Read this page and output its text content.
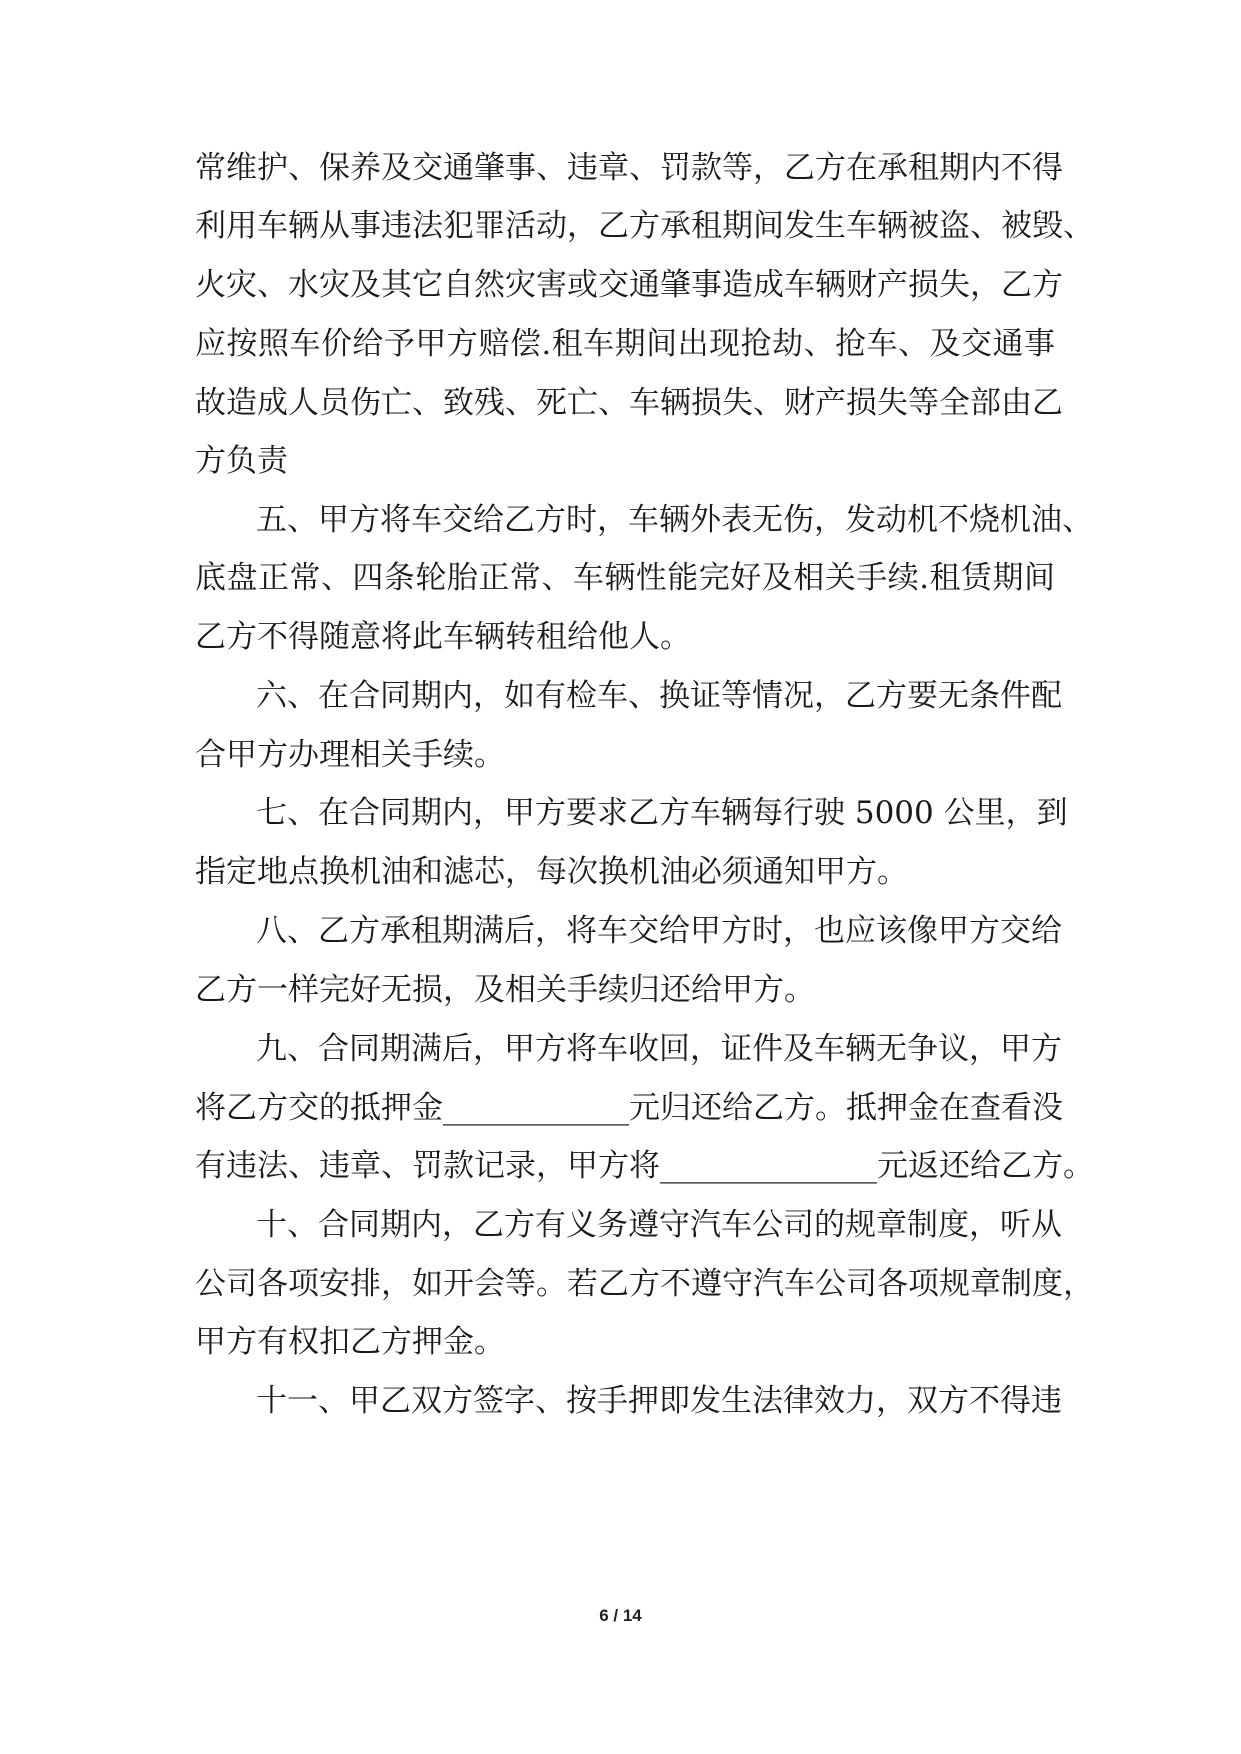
常维护、保养及交通肇事、违章、罚款等，乙方在承租期内不得
利用车辆从事违法犯罪活动，乙方承租期间发生车辆被盗、被毁、
火灾、水灾及其它自然灾害或交通肇事造成车辆财产损失，乙方
应按照车价给予甲方赔偿.租车期间出现抢劫、抢车、及交通事
故造成人员伤亡、致残、死亡、车辆损失、财产损失等全部由乙
方负责
五、甲方将车交给乙方时，车辆外表无伤，发动机不烧机油、
底盘正常、四条轮胎正常、车辆性能完好及相关手续.租赁期间
乙方不得随意将此车辆转租给他人。
六、在合同期内，如有检车、换证等情况，乙方要无条件配
合甲方办理相关手续。
七、在合同期内，甲方要求乙方车辆每行驶 5000 公里，到
指定地点换机油和滤芯，每次换机油必须通知甲方。
八、乙方承租期满后，将车交给甲方时，也应该像甲方交给
乙方一样完好无损，及相关手续归还给甲方。
九、合同期满后，甲方将车收回，证件及车辆无争议，甲方
将乙方交的抵押金____________元归还给乙方。抵押金在查看没
有违法、违章、罚款记录，甲方将______________元返还给乙方。
十、合同期内，乙方有义务遵守汽车公司的规章制度，听从
公司各项安排，如开会等。若乙方不遵守汽车公司各项规章制度，
甲方有权扣乙方押金。
十一、甲乙双方签字、按手押即发生法律效力，双方不得违
6 / 14
